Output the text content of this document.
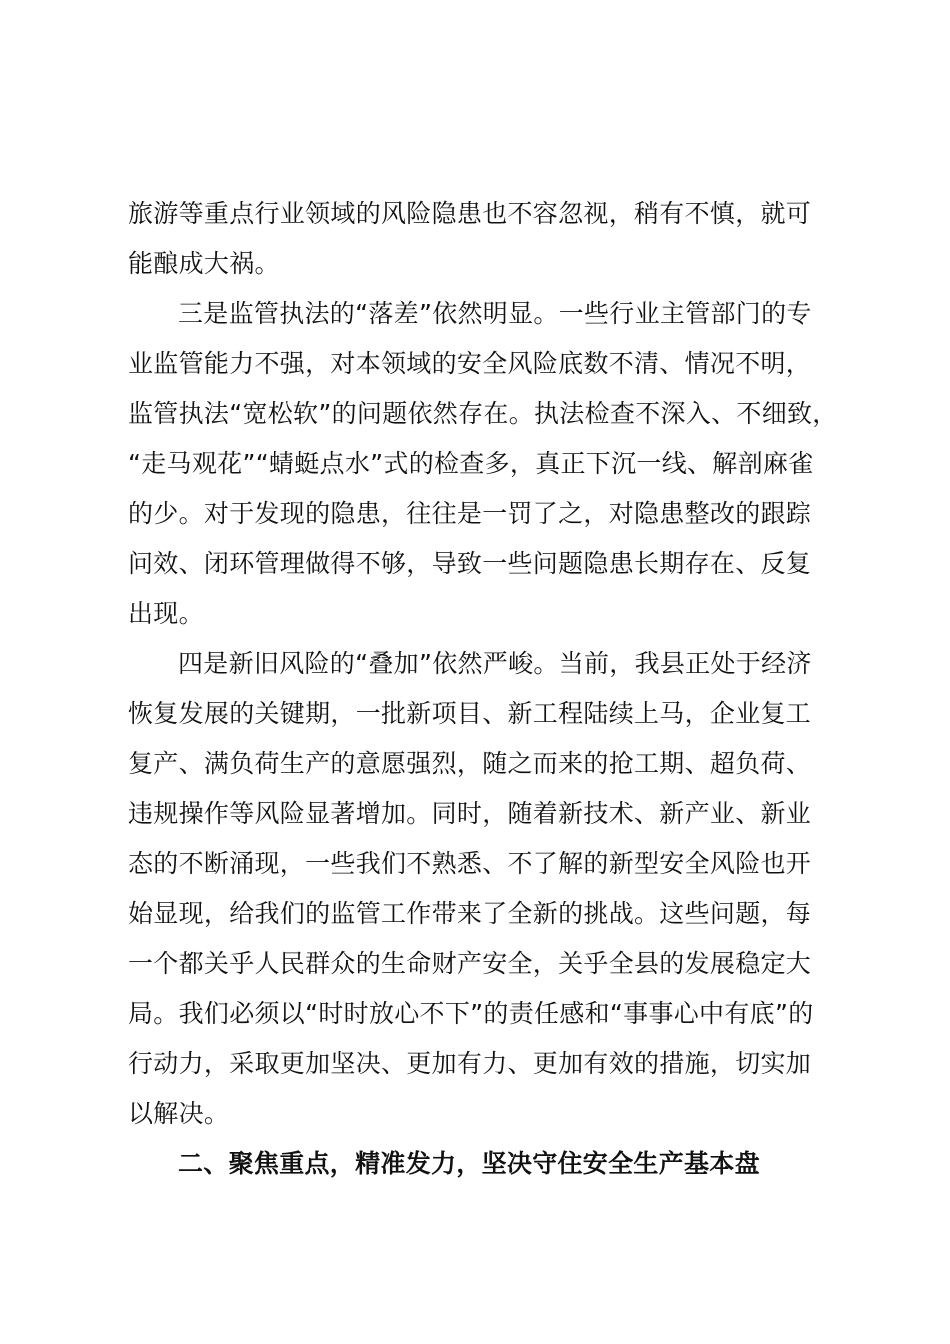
旅游等重点行业领域的风险隐患也不容忽视，稍有不慎，就可
能酿成大祸。
三是监管执法的“落差”依然明显。一些行业主管部门的专
业监管能力不强，对本领域的安全风险底数不清、情况不明，
监管执法“宽松软”的问题依然存在。执法检查不深入、不细致，
“走马观花”“蜻蜓点水”式的检查多，真正下沉一线、解剖麻雀
的少。对于发现的隐患，往往是一罚了之，对隐患整改的跟踪
问效、闭环管理做得不够，导致一些问题隐患长期存在、反复
出现。
四是新旧风险的“叠加”依然严峻。当前，我县正处于经济
恢复发展的关键期，一批新项目、新工程陆续上马，企业复工
复产、满负荷生产的意愿强烈，随之而来的抢工期、超负荷、
违规操作等风险显著增加。同时，随着新技术、新产业、新业
态的不断涌现，一些我们不熟悉、不了解的新型安全风险也开
始显现，给我们的监管工作带来了全新的挑战。这些问题，每
一个都关乎人民群众的生命财产安全，关乎全县的发展稳定大
局。我们必须以“时时放心不下”的责任感和“事事心中有底”的
行动力，采取更加坚决、更加有力、更加有效的措施，切实加
以解决。
二、聚焦重点，精准发力，坚决守住安全生产基本盘
